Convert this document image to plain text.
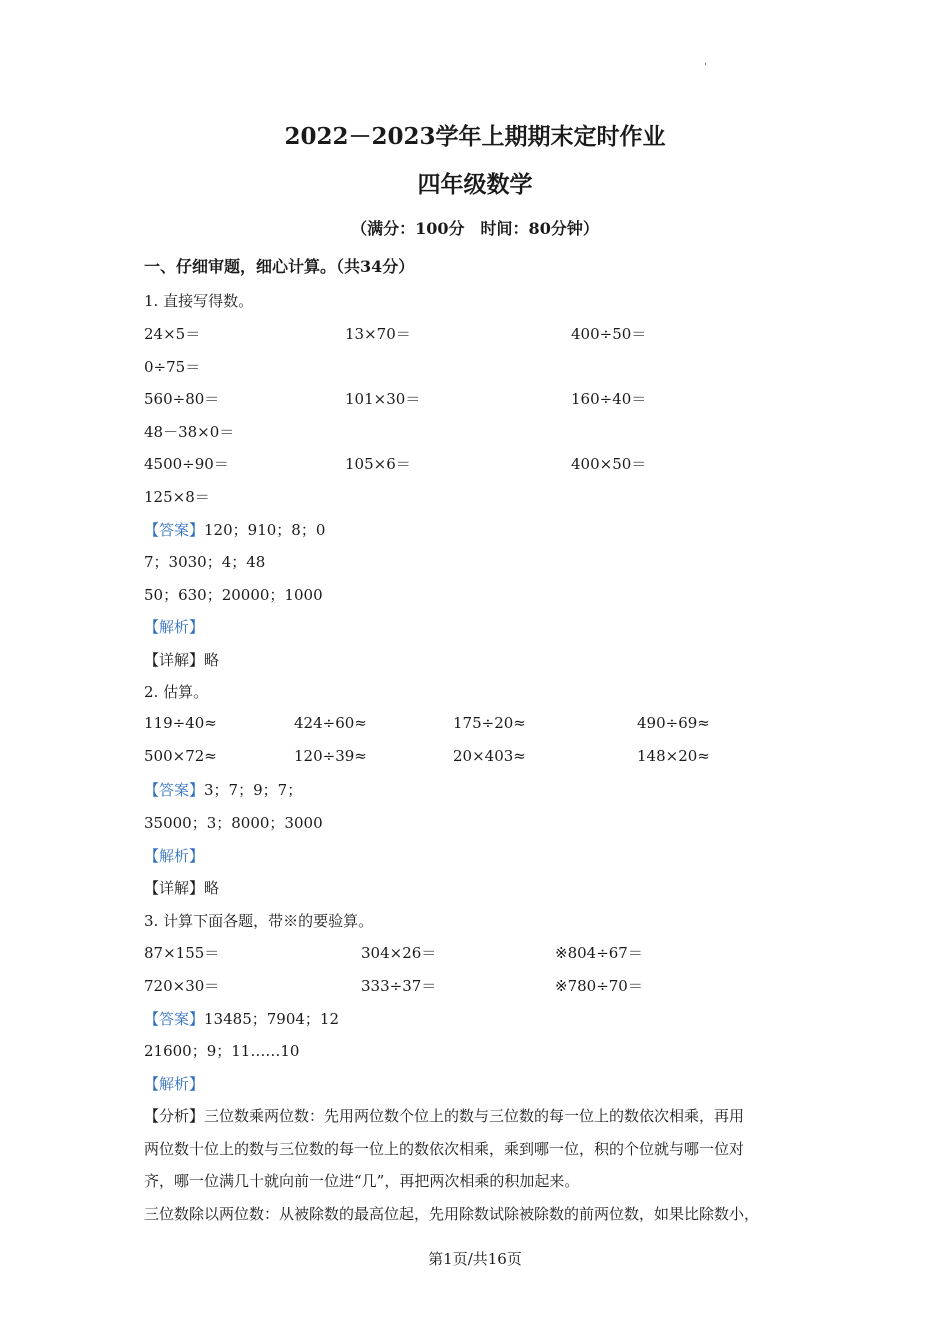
'
2022－2023学年上期期末定时作业
四年级数学
（满分：100分　时间：80分钟）
一、仔细审题，细心计算。（共34分）
1. 直接写得数。
24×5＝	13×70＝	400÷50＝
0÷75＝
560÷80＝	101×30＝	160÷40＝
48－38×0＝
4500÷90＝	105×6＝	400×50＝
125×8＝
【答案】120；910；8；0
7；3030；4；48
50；630；20000；1000
【解析】
【详解】略
2. 估算。
119÷40≈	424÷60≈	175÷20≈	490÷69≈
500×72≈	120÷39≈	20×403≈	148×20≈
【答案】3；7；9；7；
35000；3；8000；3000
【解析】
【详解】略
3. 计算下面各题，带※的要验算。
87×155＝	304×26＝	※804÷67＝
720×30＝	333÷37＝	※780÷70＝
【答案】13485；7904；12
21600；9；11……10
【解析】
【分析】三位数乘两位数：先用两位数个位上的数与三位数的每一位上的数依次相乘，再用
两位数十位上的数与三位数的每一位上的数依次相乘，乘到哪一位，积的个位就与哪一位对
齐，哪一位满几十就向前一位进“几”，再把两次相乘的积加起来。
三位数除以两位数：从被除数的最高位起，先用除数试除被除数的前两位数，如果比除数小，
第1页/共16页
